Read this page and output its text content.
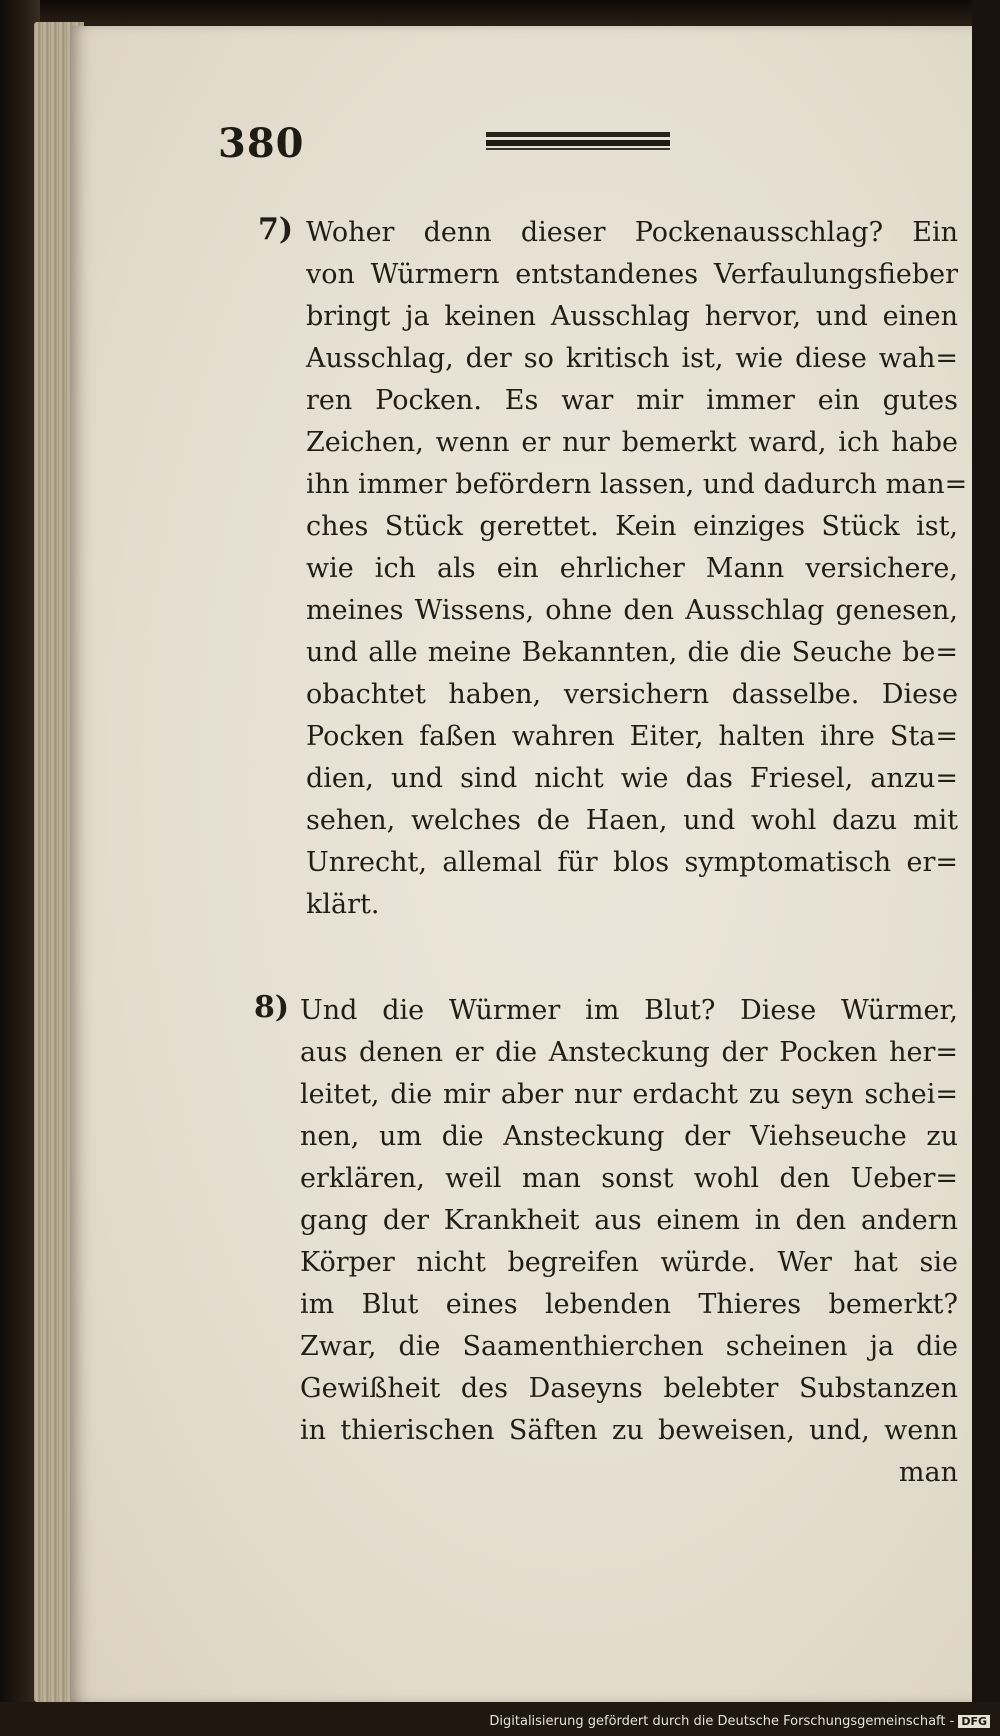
380
7) Woher denn dieser Pockenausschlag? Ein
von Würmern entstandenes Verfaulungsfieber
bringt ja keinen Ausschlag hervor, und einen
Ausschlag, der so kritisch ist, wie diese wah=
ren Pocken. Es war mir immer ein gutes
Zeichen, wenn er nur bemerkt ward, ich habe
ihn immer befördern lassen, und dadurch man=
ches Stück gerettet. Kein einziges Stück ist,
wie ich als ein ehrlicher Mann versichere,
meines Wissens, ohne den Ausschlag genesen,
und alle meine Bekannten, die die Seuche be=
obachtet haben, versichern dasselbe. Diese
Pocken faßen wahren Eiter, halten ihre Sta=
dien, und sind nicht wie das Friesel, anzu=
sehen, welches de Haen, und wohl dazu mit
Unrecht, allemal für blos symptomatisch er=
klärt.
8) Und die Würmer im Blut? Diese Würmer,
aus denen er die Ansteckung der Pocken her=
leitet, die mir aber nur erdacht zu seyn schei=
nen, um die Ansteckung der Viehseuche zu
erklären, weil man sonst wohl den Ueber=
gang der Krankheit aus einem in den andern
Körper nicht begreifen würde. Wer hat sie
im Blut eines lebenden Thieres bemerkt?
Zwar, die Saamenthierchen scheinen ja die
Gewißheit des Daseyns belebter Substanzen
in thierischen Säften zu beweisen, und, wenn
man
Digitalisierung gefördert durch die Deutsche Forschungsgemeinschaft - DFG
